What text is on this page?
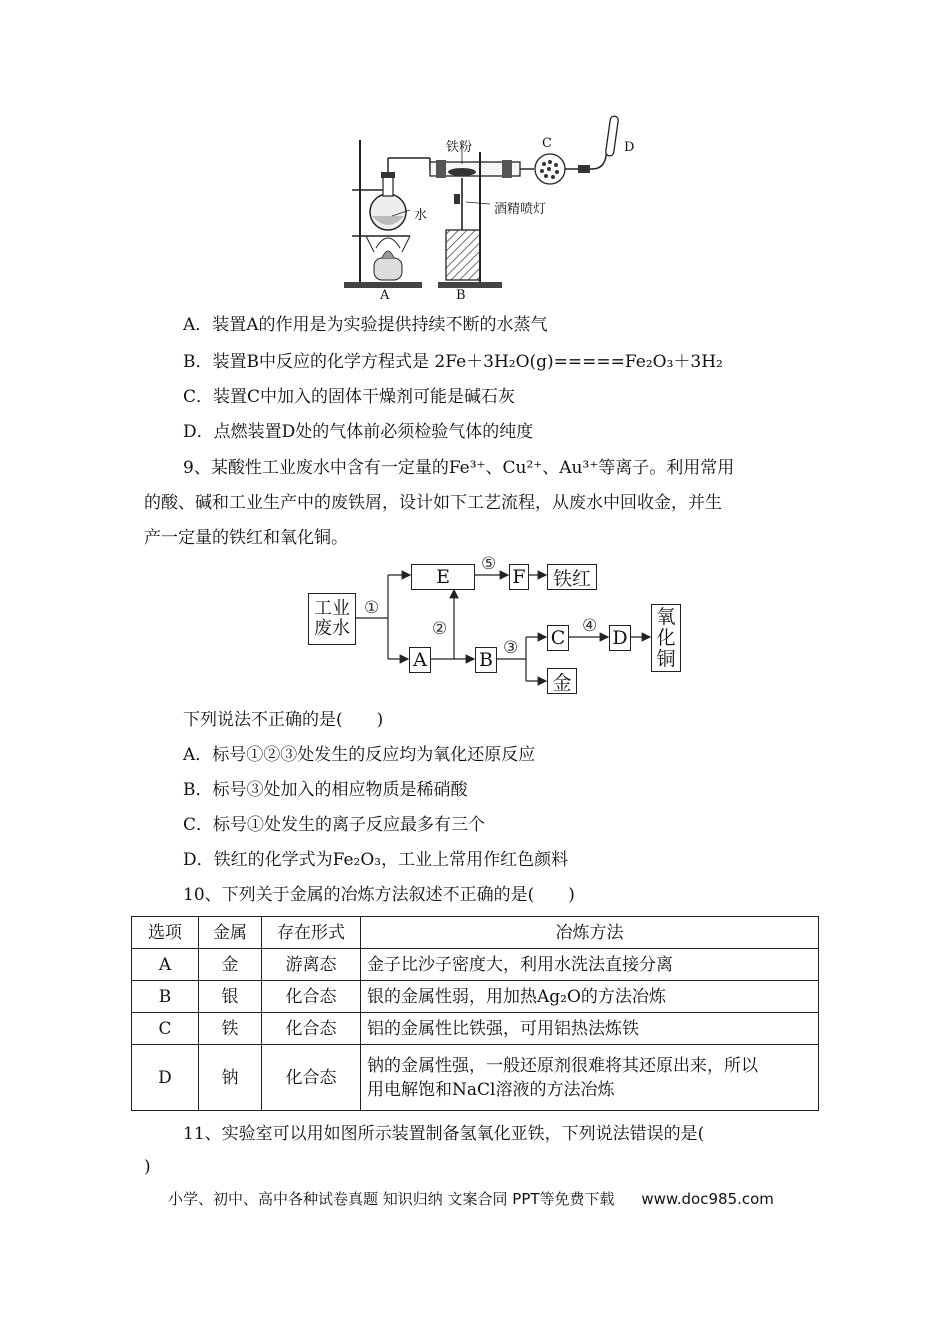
铁粉
水	酒精喷灯
A	B
C	D
A．装置A的作用是为实验提供持续不断的水蒸气
B．装置B中反应的化学方程式是 2Fe＋3H₂O(g)=====Fe₂O₃＋3H₂
C．装置C中加入的固体干燥剂可能是碱石灰
D．点燃装置D处的气体前必须检验气体的纯度
9、某酸性工业废水中含有一定量的Fe³⁺、Cu²⁺、Au³⁺等离子。利用常用
的酸、碱和工业生产中的废铁屑，设计如下工艺流程，从废水中回收金，并生
产一定量的铁红和氧化铜。
工业废水
E	F	铁红
A	B
C D
金
氧化铜
①
②
③
④
⑤
下列说法不正确的是(　　)
A．标号①②③处发生的反应均为氧化还原反应
B．标号③处加入的相应物质是稀硝酸
C．标号①处发生的离子反应最多有三个
D．铁红的化学式为Fe₂O₃，工业上常用作红色颜料
10、下列关于金属的冶炼方法叙述不正确的是(　　)
选项	金属	存在形式	冶炼方法
A	金	游离态	金子比沙子密度大，利用水洗法直接分离
B	银	化合态	银的金属性弱，用加热Ag₂O的方法冶炼
C	铁	化合态	铝的金属性比铁强，可用铝热法炼铁
D	钠	化合态	钠的金属性强，一般还原剂很难将其还原出来，所以
用电解饱和NaCl溶液的方法冶炼
11、实验室可以用如图所示装置制备氢氧化亚铁，下列说法错误的是(
)
小学、初中、高中各种试卷真题 知识归纳 文案合同 PPT等免费下载 www.doc985.com
